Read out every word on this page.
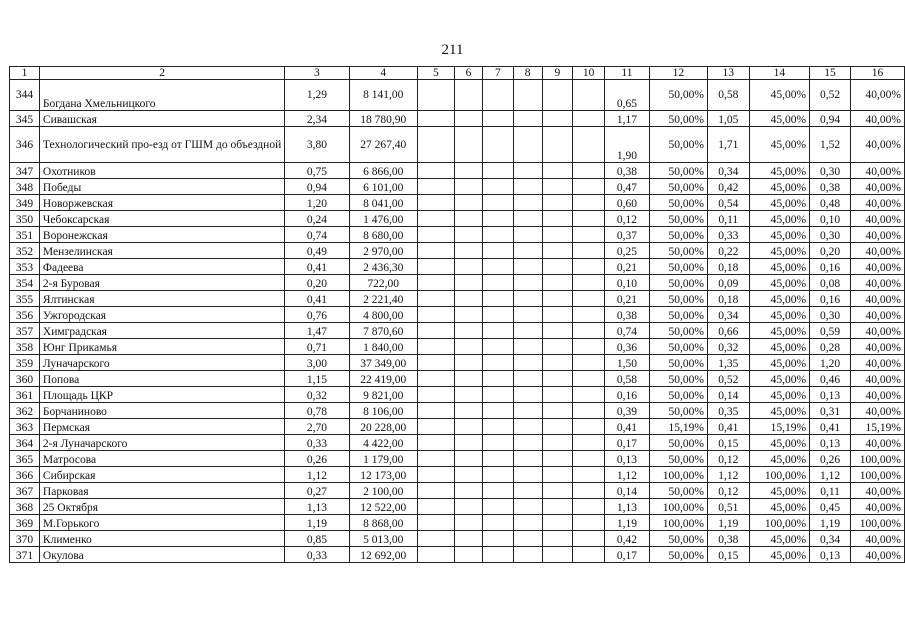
211
1	2	3	4	5	6	7	8	9	10	11	12	13	14	15	16
344	Богдана Хмельницкого	1,29	8 141,00							0,65	50,00%	0,58	45,00%	0,52	40,00%
345	Сивашская	2,34	18 780,90							1,17	50,00%	1,05	45,00%	0,94	40,00%
346	Технологический про-езд от ГШМ до объездной	3,80	27 267,40							1,90	50,00%	1,71	45,00%	1,52	40,00%
347	Охотников	0,75	6 866,00							0,38	50,00%	0,34	45,00%	0,30	40,00%
348	Победы	0,94	6 101,00							0,47	50,00%	0,42	45,00%	0,38	40,00%
349	Новоржевская	1,20	8 041,00							0,60	50,00%	0,54	45,00%	0,48	40,00%
350	Чебоксарская	0,24	1 476,00							0,12	50,00%	0,11	45,00%	0,10	40,00%
351	Воронежская	0,74	8 680,00							0,37	50,00%	0,33	45,00%	0,30	40,00%
352	Мензелинская	0,49	2 970,00							0,25	50,00%	0,22	45,00%	0,20	40,00%
353	Фадеева	0,41	2 436,30							0,21	50,00%	0,18	45,00%	0,16	40,00%
354	2-я Буровая	0,20	722,00							0,10	50,00%	0,09	45,00%	0,08	40,00%
355	Ялтинская	0,41	2 221,40							0,21	50,00%	0,18	45,00%	0,16	40,00%
356	Ужгородская	0,76	4 800,00							0,38	50,00%	0,34	45,00%	0,30	40,00%
357	Химградская	1,47	7 870,60							0,74	50,00%	0,66	45,00%	0,59	40,00%
358	Юнг Прикамья	0,71	1 840,00							0,36	50,00%	0,32	45,00%	0,28	40,00%
359	Луначарского	3,00	37 349,00							1,50	50,00%	1,35	45,00%	1,20	40,00%
360	Попова	1,15	22 419,00							0,58	50,00%	0,52	45,00%	0,46	40,00%
361	Площадь ЦКР	0,32	9 821,00							0,16	50,00%	0,14	45,00%	0,13	40,00%
362	Борчаниново	0,78	8 106,00							0,39	50,00%	0,35	45,00%	0,31	40,00%
363	Пермская	2,70	20 228,00							0,41	15,19%	0,41	15,19%	0,41	15,19%
364	2-я Луначарского	0,33	4 422,00							0,17	50,00%	0,15	45,00%	0,13	40,00%
365	Матросова	0,26	1 179,00							0,13	50,00%	0,12	45,00%	0,26	100,00%
366	Сибирская	1,12	12 173,00							1,12	100,00%	1,12	100,00%	1,12	100,00%
367	Парковая	0,27	2 100,00							0,14	50,00%	0,12	45,00%	0,11	40,00%
368	25 Октября	1,13	12 522,00							1,13	100,00%	0,51	45,00%	0,45	40,00%
369	М.Горького	1,19	8 868,00							1,19	100,00%	1,19	100,00%	1,19	100,00%
370	Клименко	0,85	5 013,00							0,42	50,00%	0,38	45,00%	0,34	40,00%
371	Окулова	0,33	12 692,00							0,17	50,00%	0,15	45,00%	0,13	40,00%
